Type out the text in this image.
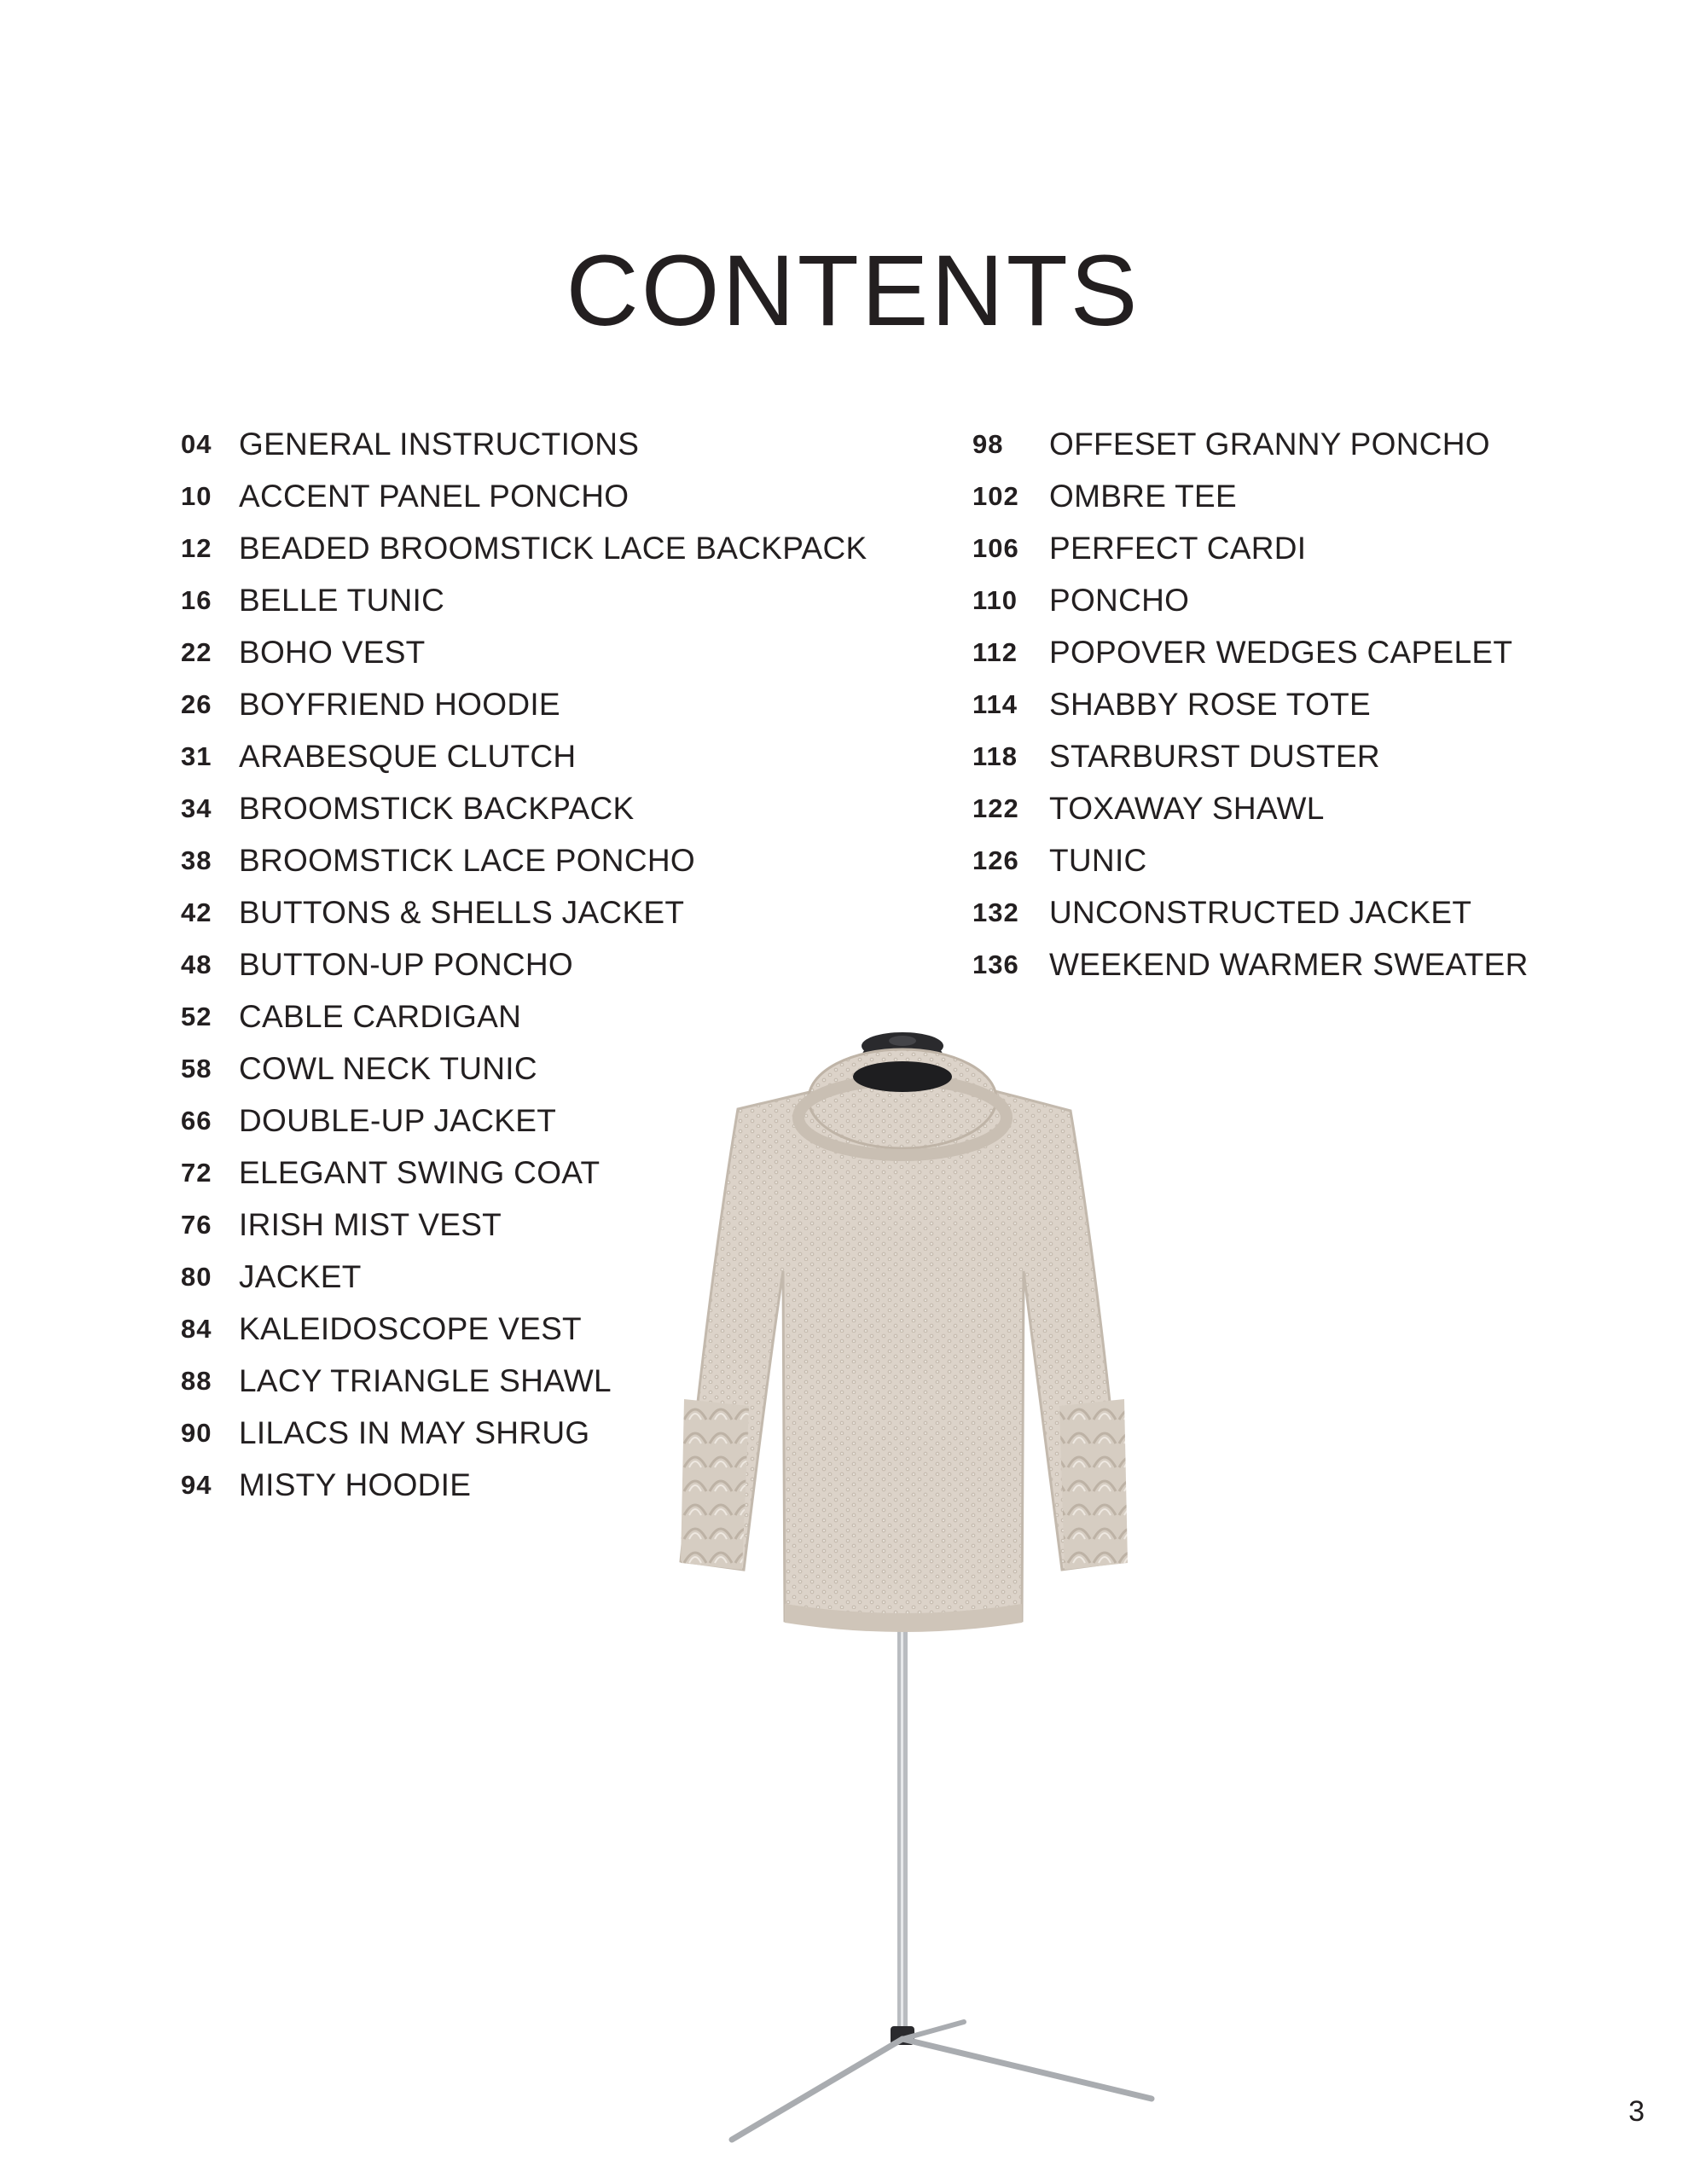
CONTENTS
04 GENERAL INSTRUCTIONS
10 ACCENT PANEL PONCHO
12 BEADED BROOMSTICK LACE BACKPACK
16 BELLE TUNIC
22 BOHO VEST
26 BOYFRIEND HOODIE
31 ARABESQUE CLUTCH
34 BROOMSTICK BACKPACK
38 BROOMSTICK LACE PONCHO
42 BUTTONS & SHELLS JACKET
48 BUTTON-UP PONCHO
52 CABLE CARDIGAN
58 COWL NECK TUNIC
66 DOUBLE-UP JACKET
72 ELEGANT SWING COAT
76 IRISH MIST VEST
80 JACKET
84 KALEIDOSCOPE VEST
88 LACY TRIANGLE SHAWL
90 LILACS IN MAY SHRUG
94 MISTY HOODIE
98	OFFESET GRANNY PONCHO
102 OMBRE TEE
106 PERFECT CARDI
110 PONCHO
112 POPOVER WEDGES CAPELET
114 SHABBY ROSE TOTE
118 STARBURST DUSTER
122 TOXAWAY SHAWL
126 TUNIC
132 UNCONSTRUCTED JACKET
136 WEEKEND WARMER SWEATER

3
